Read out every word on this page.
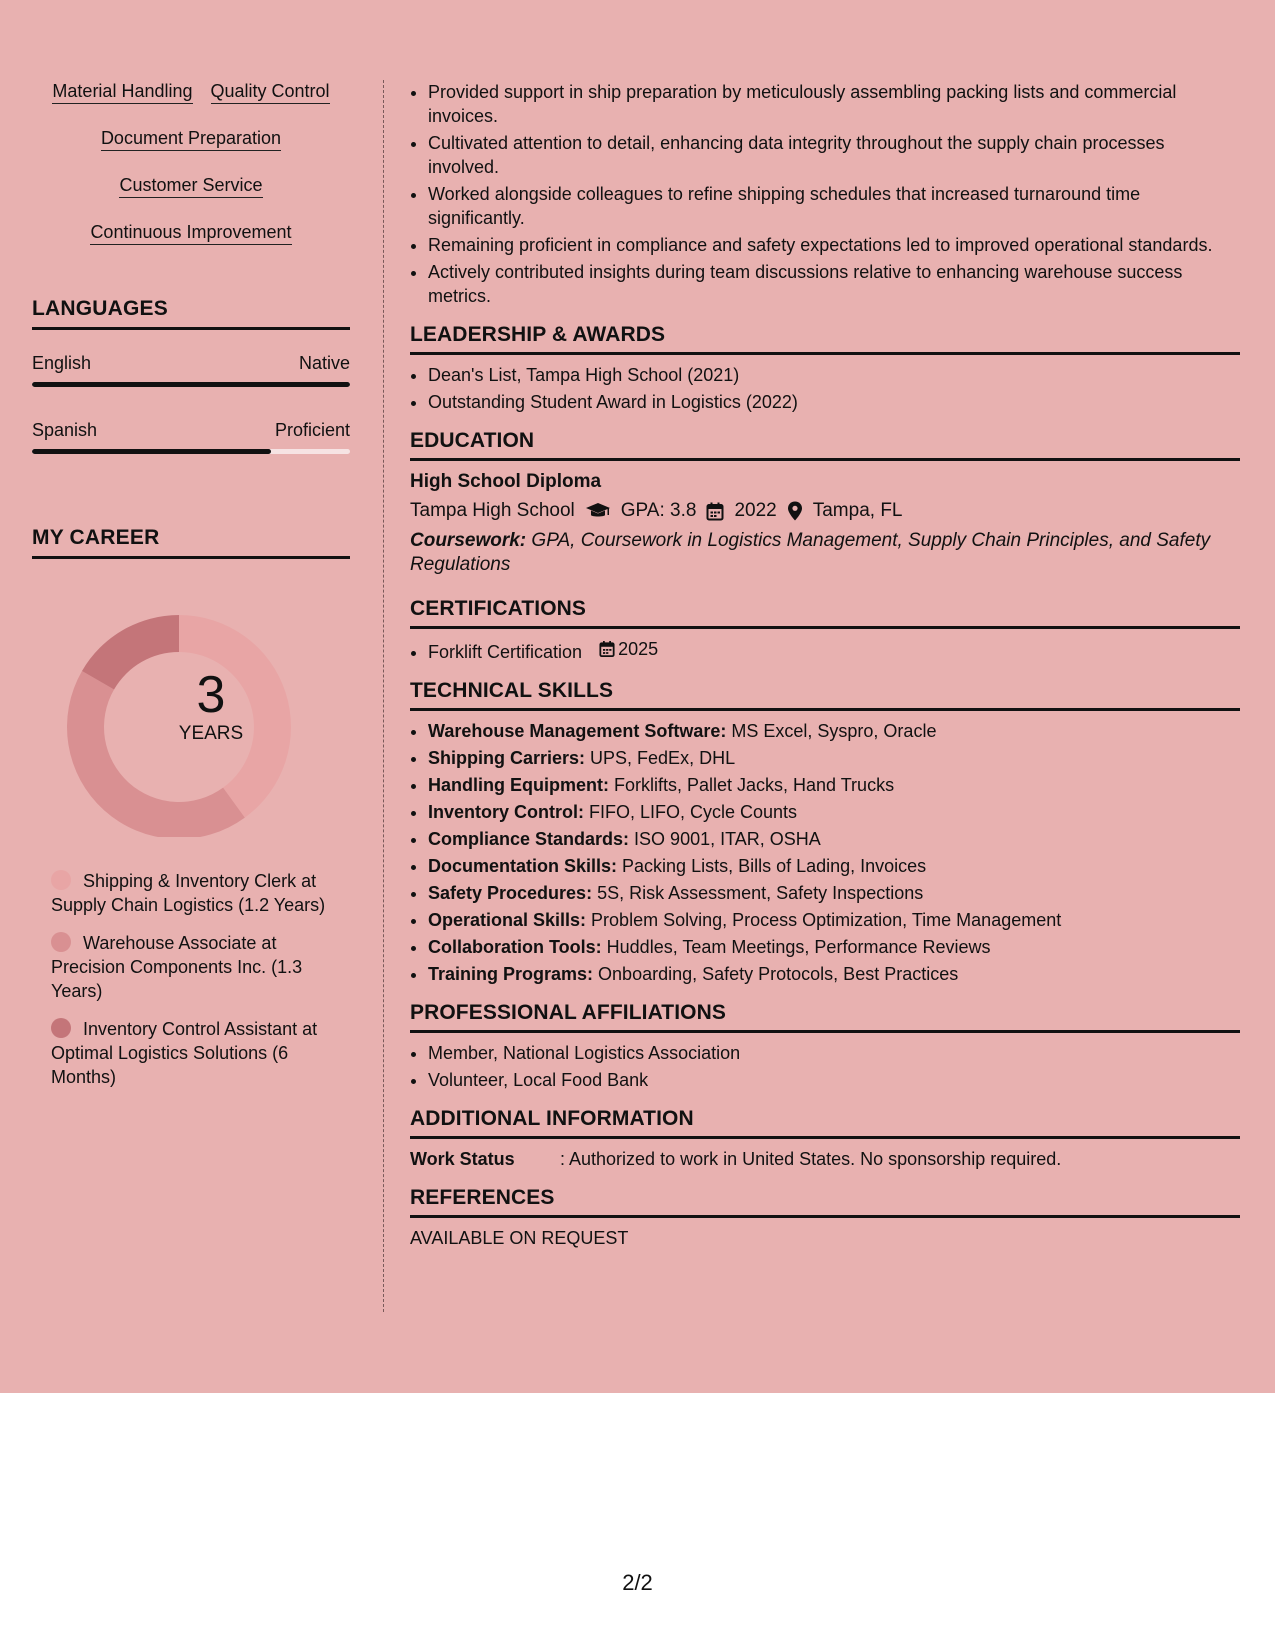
Material Handling Quality Control
Document Preparation
Customer Service
Continuous Improvement
LANGUAGES
English	Native
Spanish	Proficient
MY CAREER
3
YEARS
Shipping & Inventory Clerk at Supply Chain Logistics (1.2 Years)
Warehouse Associate at Precision Components Inc. (1.3 Years)
Inventory Control Assistant at Optimal Logistics Solutions (6 Months)
• Provided support in ship preparation by meticulously assembling packing lists and commercial invoices.
• Cultivated attention to detail, enhancing data integrity throughout the supply chain processes involved.
• Worked alongside colleagues to refine shipping schedules that increased turnaround time significantly.
• Remaining proficient in compliance and safety expectations led to improved operational standards.
• Actively contributed insights during team discussions relative to enhancing warehouse success metrics.
LEADERSHIP & AWARDS
• Dean's List, Tampa High School (2021)
• Outstanding Student Award in Logistics (2022)
EDUCATION
High School Diploma
Tampa High School GPA: 3.8 2022 Tampa, FL
Coursework: GPA, Coursework in Logistics Management, Supply Chain Principles, and Safety Regulations
CERTIFICATIONS
• Forklift Certification 2025
TECHNICAL SKILLS
• Warehouse Management Software: MS Excel, Syspro, Oracle
• Shipping Carriers: UPS, FedEx, DHL
• Handling Equipment: Forklifts, Pallet Jacks, Hand Trucks
• Inventory Control: FIFO, LIFO, Cycle Counts
• Compliance Standards: ISO 9001, ITAR, OSHA
• Documentation Skills: Packing Lists, Bills of Lading, Invoices
• Safety Procedures: 5S, Risk Assessment, Safety Inspections
• Operational Skills: Problem Solving, Process Optimization, Time Management
• Collaboration Tools: Huddles, Team Meetings, Performance Reviews
• Training Programs: Onboarding, Safety Protocols, Best Practices
PROFESSIONAL AFFILIATIONS
• Member, National Logistics Association
• Volunteer, Local Food Bank
ADDITIONAL INFORMATION
Work Status	: Authorized to work in United States. No sponsorship required.
REFERENCES
AVAILABLE ON REQUEST
2/2
